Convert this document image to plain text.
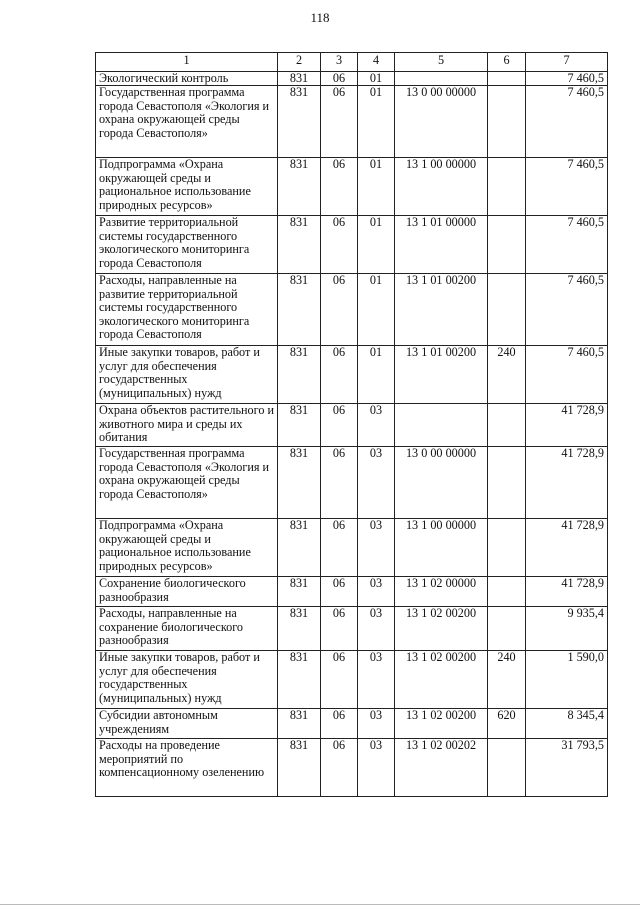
118
1	2	3	4	5	6	7
Экологический контроль	831	06	01			7 460,5
Государственная программа города Севастополя «Экология и охрана окружающей среды города Севастополя»	831	06	01	13 0 00 00000		7 460,5
Подпрограмма «Охрана окружающей среды и рациональное использование природных ресурсов»	831	06	01	13 1 00 00000		7 460,5
Развитие территориальной системы государственного экологического мониторинга города Севастополя	831	06	01	13 1 01 00000		7 460,5
Расходы, направленные на развитие территориальной системы государственного экологического мониторинга города Севастополя	831	06	01	13 1 01 00200		7 460,5
Иные закупки товаров, работ и услуг для обеспечения государственных (муниципальных) нужд	831	06	01	13 1 01 00200	240	7 460,5
Охрана объектов растительного и животного мира и среды их обитания	831	06	03			41 728,9
Государственная программа города Севастополя «Экология и охрана окружающей среды города Севастополя»	831	06	03	13 0 00 00000		41 728,9
Подпрограмма «Охрана окружающей среды и рациональное использование природных ресурсов»	831	06	03	13 1 00 00000		41 728,9
Сохранение биологического разнообразия	831	06	03	13 1 02 00000		41 728,9
Расходы, направленные на сохранение биологического разнообразия	831	06	03	13 1 02 00200		9 935,4
Иные закупки товаров, работ и услуг для обеспечения государственных (муниципальных) нужд	831	06	03	13 1 02 00200	240	1 590,0
Субсидии автономным учреждениям	831	06	03	13 1 02 00200	620	8 345,4
Расходы на проведение мероприятий по компенсационному озеленению	831	06	03	13 1 02 00202		31 793,5
